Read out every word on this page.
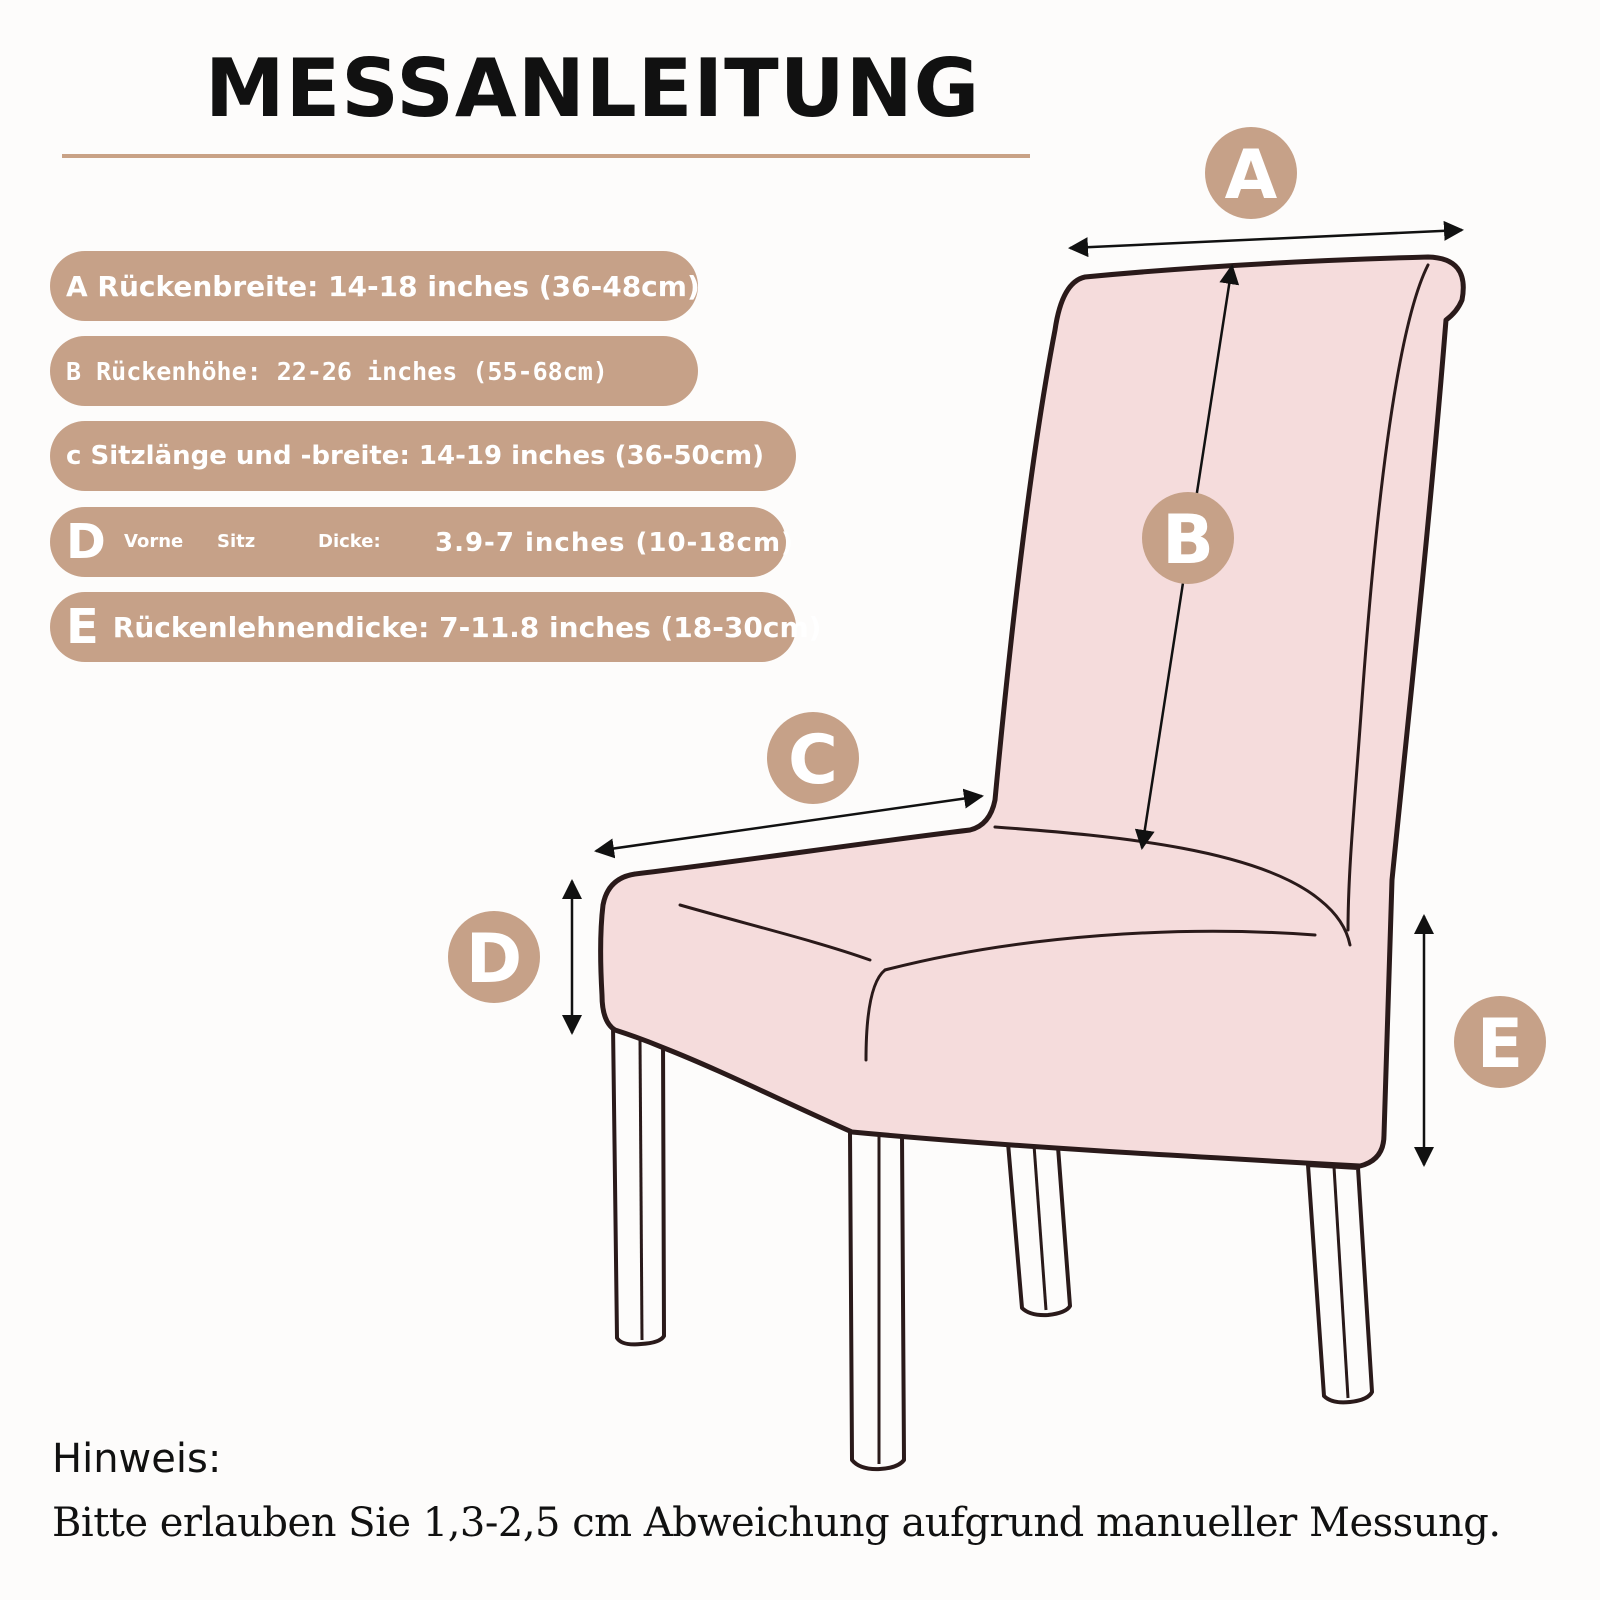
MESSANLEITUNG
A Rückenbreite: 14-18 inches (36-48cm)
B Rückenhöhe: 22-26 inches (55-68cm)
c Sitzlänge und -breite: 14-19 inches (36-50cm)
D Vorne Sitz	Dicke: 3.9-7 inches (10-18cm)
E Rückenlehnendicke: 7-11.8 inches (18-30cm)
A
B
C
D
E
Hinweis:
Bitte erlauben Sie 1,3-2,5 cm Abweichung aufgrund manueller Messung.
